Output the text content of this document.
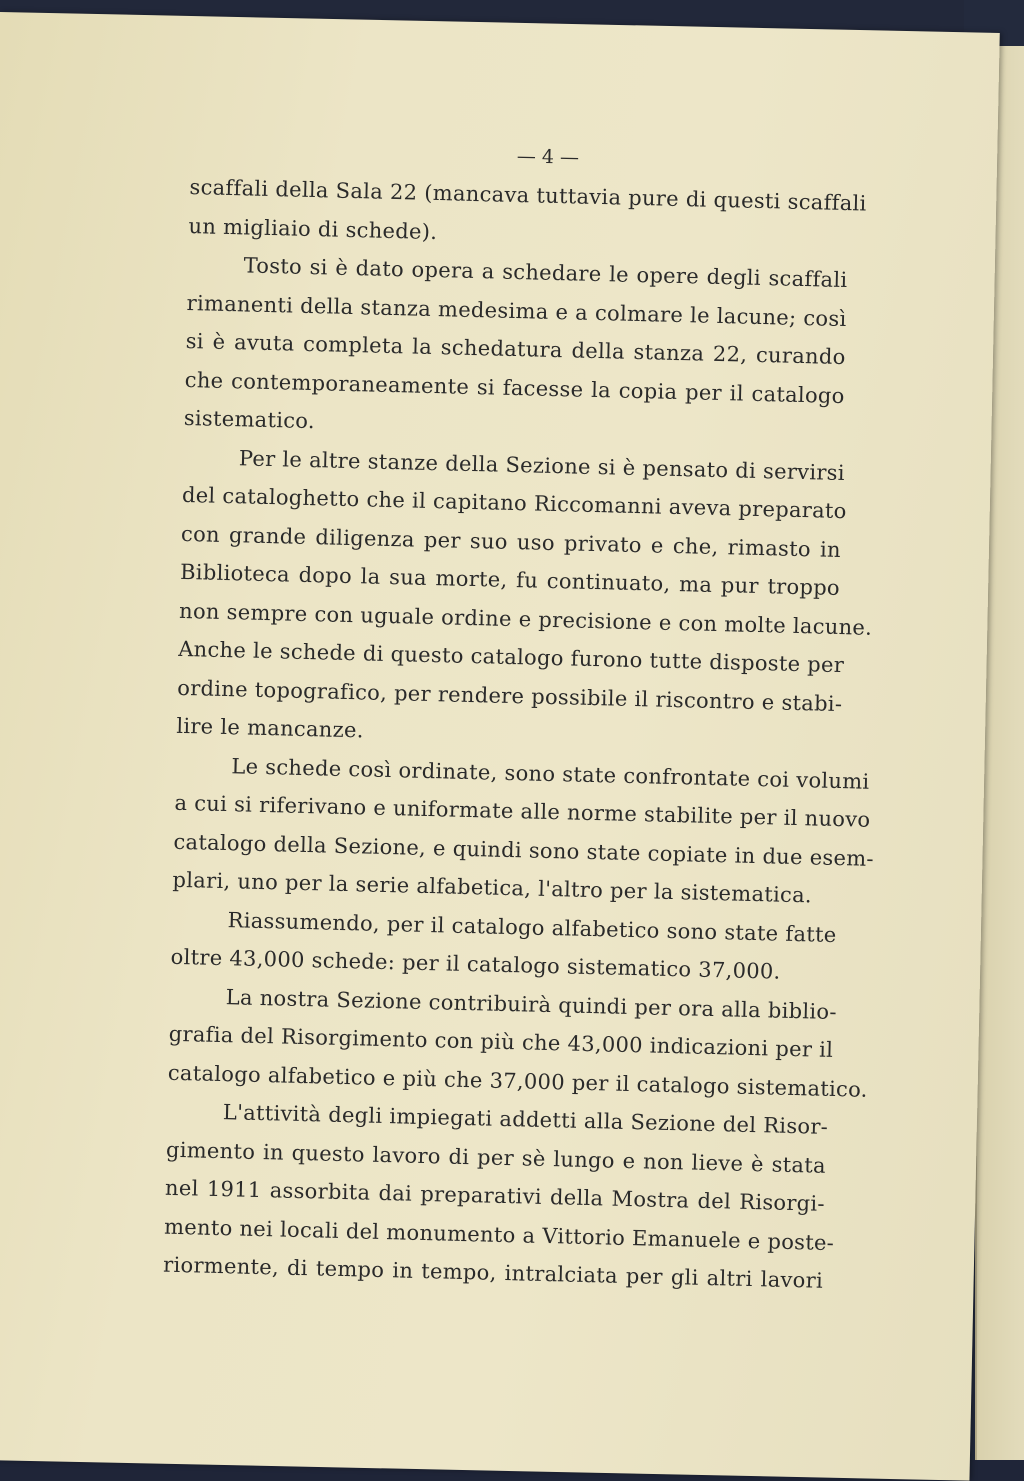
— 4 —
scaffali della Sala 22 (mancava tuttavia pure di questi scaffali
un migliaio di schede).
Tosto si è dato opera a schedare le opere degli scaffali
rimanenti della stanza medesima e a colmare le lacune; così
si è avuta completa la schedatura della stanza 22, curando
che contemporaneamente si facesse la copia per il catalogo
sistematico.
Per le altre stanze della Sezione si è pensato di servirsi
del cataloghetto che il capitano Riccomanni aveva preparato
con grande diligenza per suo uso privato e che, rimasto in
Biblioteca dopo la sua morte, fu continuato, ma pur troppo
non sempre con uguale ordine e precisione e con molte lacune.
Anche le schede di questo catalogo furono tutte disposte per
ordine topografico, per rendere possibile il riscontro e stabi-
lire le mancanze.
Le schede così ordinate, sono state confrontate coi volumi
a cui si riferivano e uniformate alle norme stabilite per il nuovo
catalogo della Sezione, e quindi sono state copiate in due esem-
plari, uno per la serie alfabetica, l'altro per la sistematica.
Riassumendo, per il catalogo alfabetico sono state fatte
oltre 43,000 schede: per il catalogo sistematico 37,000.
La nostra Sezione contribuirà quindi per ora alla biblio-
grafia del Risorgimento con più che 43,000 indicazioni per il
catalogo alfabetico e più che 37,000 per il catalogo sistematico.
L'attività degli impiegati addetti alla Sezione del Risor-
gimento in questo lavoro di per sè lungo e non lieve è stata
nel 1911 assorbita dai preparativi della Mostra del Risorgi-
mento nei locali del monumento a Vittorio Emanuele e poste-
riormente, di tempo in tempo, intralciata per gli altri lavori
